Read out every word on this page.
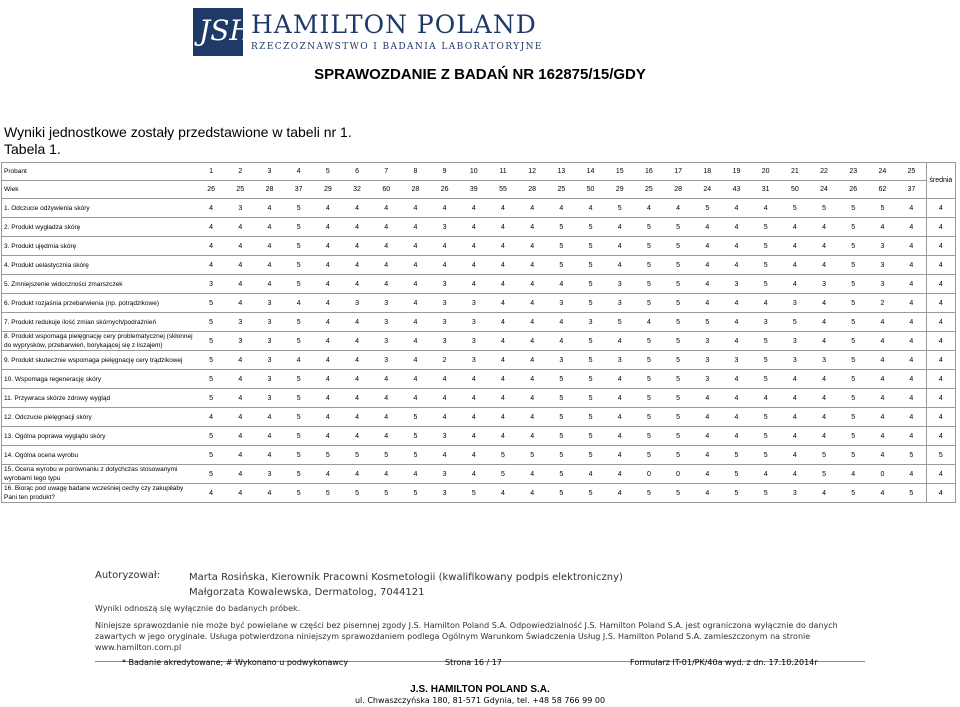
JSH
HAMILTON POLAND
RZECZOZNAWSTWO I BADANIA LABORATORYJNE
SPRAWOZDANIE Z BADAŃ NR 162875/15/GDY
Wyniki jednostkowe zostały przedstawione w tabeli nr 1.
Tabela 1.
Probant	1	2	3	4	5	6	7	8	9	10	11	12	13	14	15	16	17	18	19	20	21	22	23	24	25	średnia
Wiek	26	25	28	37	29	32	60	28	26	39	55	28	25	50	29	25	28	24	43	31	50	24	26	62	37	
1. Odczucie odżywienia skóry	4	3	4	5	4	4	4	4	4	4	4	4	4	4	5	4	4	5	4	4	5	5	5	5	4	4
2. Produkt wygładza skórę	4	4	4	5	4	4	4	4	3	4	4	4	5	5	4	5	5	4	4	5	4	4	5	4	4	4
3. Produkt ujędrnia skórę	4	4	4	5	4	4	4	4	4	4	4	4	5	5	4	5	5	4	4	5	4	4	5	3	4	4
4. Produkt uelastycznia skórę	4	4	4	5	4	4	4	4	4	4	4	4	5	5	4	5	5	4	4	5	4	4	5	3	4	4
5. Zmniejszenie widoczności zmarszczek	3	4	4	5	4	4	4	4	3	4	4	4	4	5	3	5	5	4	3	5	4	3	5	3	4	4
6. Produkt rozjaśnia przebarwienia (np. potrądzikowe)	5	4	3	4	4	3	3	4	3	3	4	4	3	5	3	5	5	4	4	4	3	4	5	2	4	4
7. Produkt redukuje ilość zmian skórnych/podrażnień	5	3	3	5	4	4	3	4	3	3	4	4	4	3	5	4	5	5	4	3	5	4	5	4	4	4
8. Produkt wspomaga pielęgnację cery problematycznej (skłonnej do wyprysków, przebarwień, borykającej się z liszajem)	5	3	3	5	4	4	3	4	3	3	4	4	4	5	4	5	5	3	4	5	3	4	5	4	4	4
9. Produkt skutecznie wspomaga pielęgnację cery trądzikowej	5	4	3	4	4	4	3	4	2	3	4	4	3	5	3	5	5	3	3	5	3	3	5	4	4	4
10. Wspomaga regenerację skóry	5	4	3	5	4	4	4	4	4	4	4	4	5	5	4	5	5	3	4	5	4	4	5	4	4	4
11. Przywraca skórze zdrowy wygląd	5	4	3	5	4	4	4	4	4	4	4	4	5	5	4	5	5	4	4	4	4	4	5	4	4	4
12. Odczucie pielęgnacji skóry	4	4	4	5	4	4	4	5	4	4	4	4	5	5	4	5	5	4	4	5	4	4	5	4	4	4
13. Ogólna poprawa wyglądu skóry	5	4	4	5	4	4	4	5	3	4	4	4	5	5	4	5	5	4	4	5	4	4	5	4	4	4
14. Ogólna ocena wyrobu	5	4	4	5	5	5	5	5	4	4	5	5	5	5	4	5	5	4	5	5	4	5	5	4	5	5
15. Ocena wyrobu w porównaniu z dotychczas stosowanymi wyrobami tego typu	5	4	3	5	4	4	4	4	3	4	5	4	5	4	4	0	0	4	5	4	4	5	4	0	4	4
16. Biorąc pod uwagę badane wcześniej cechy czy zakupiłaby Pani ten produkt?	4	4	4	5	5	5	5	5	3	5	4	4	5	5	4	5	5	4	5	5	3	4	5	4	5	4
Autoryzował:	Marta Rosińska, Kierownik Pracowni Kosmetologii (kwalifikowany podpis elektroniczny)
Małgorzata Kowalewska, Dermatolog, 7044121
Wyniki odnoszą się wyłącznie do badanych próbek.
Niniejsze sprawozdanie nie może być powielane w części bez pisemnej zgody J.S. Hamilton Poland S.A. Odpowiedzialność J.S. Hamilton Poland S.A. jest ograniczona wyłącznie do danych zawartych w jego oryginale. Usługa potwierdzona niniejszym sprawozdaniem podlega Ogólnym Warunkom Świadczenia Usług J.S. Hamilton Poland S.A. zamieszczonym na stronie www.hamilton.com.pl
* Badanie akredytowane; # Wykonano u podwykonawcy	Strona 16 / 17	Formularz IT-01/PK/40a wyd. z dn. 17.10.2014r
J.S. HAMILTON POLAND S.A.
ul. Chwaszczyńska 180, 81-571 Gdynia, tel. +48 58 766 99 00
